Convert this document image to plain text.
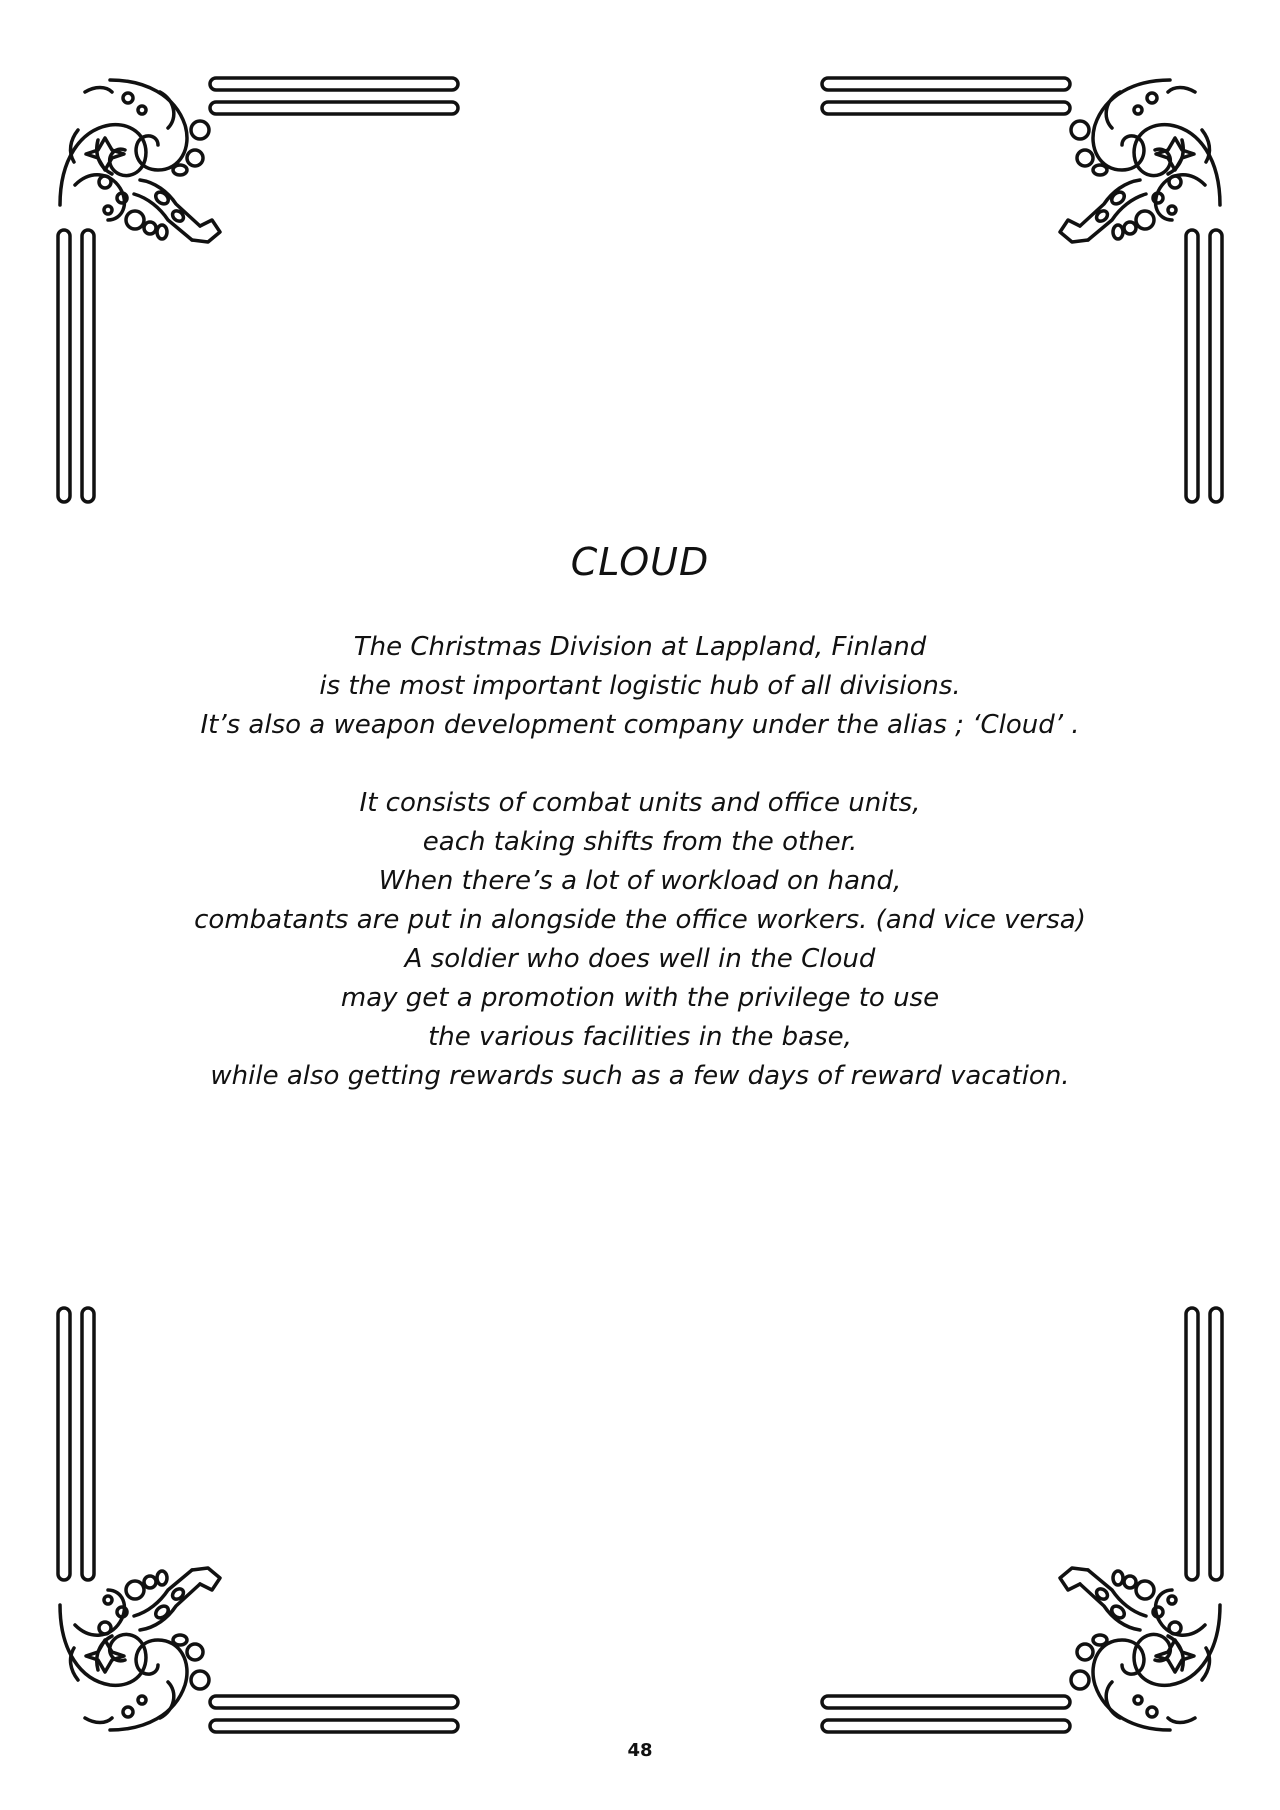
CLOUD

The Christmas Division at Lappland, Finland

is the most important logistic hub of all divisions.

It’s also a weapon development company under the alias ; ‘Cloud’ .

It consists of combat units and office units,

each taking shifts from the other.

When there’s a lot of workload on hand,

combatants are put in alongside the office workers. (and vice versa)

A soldier who does well in the Cloud

may get a promotion with the privilege to use

the various facilities in the base,

while also getting rewards such as a few days of reward vacation.

48
